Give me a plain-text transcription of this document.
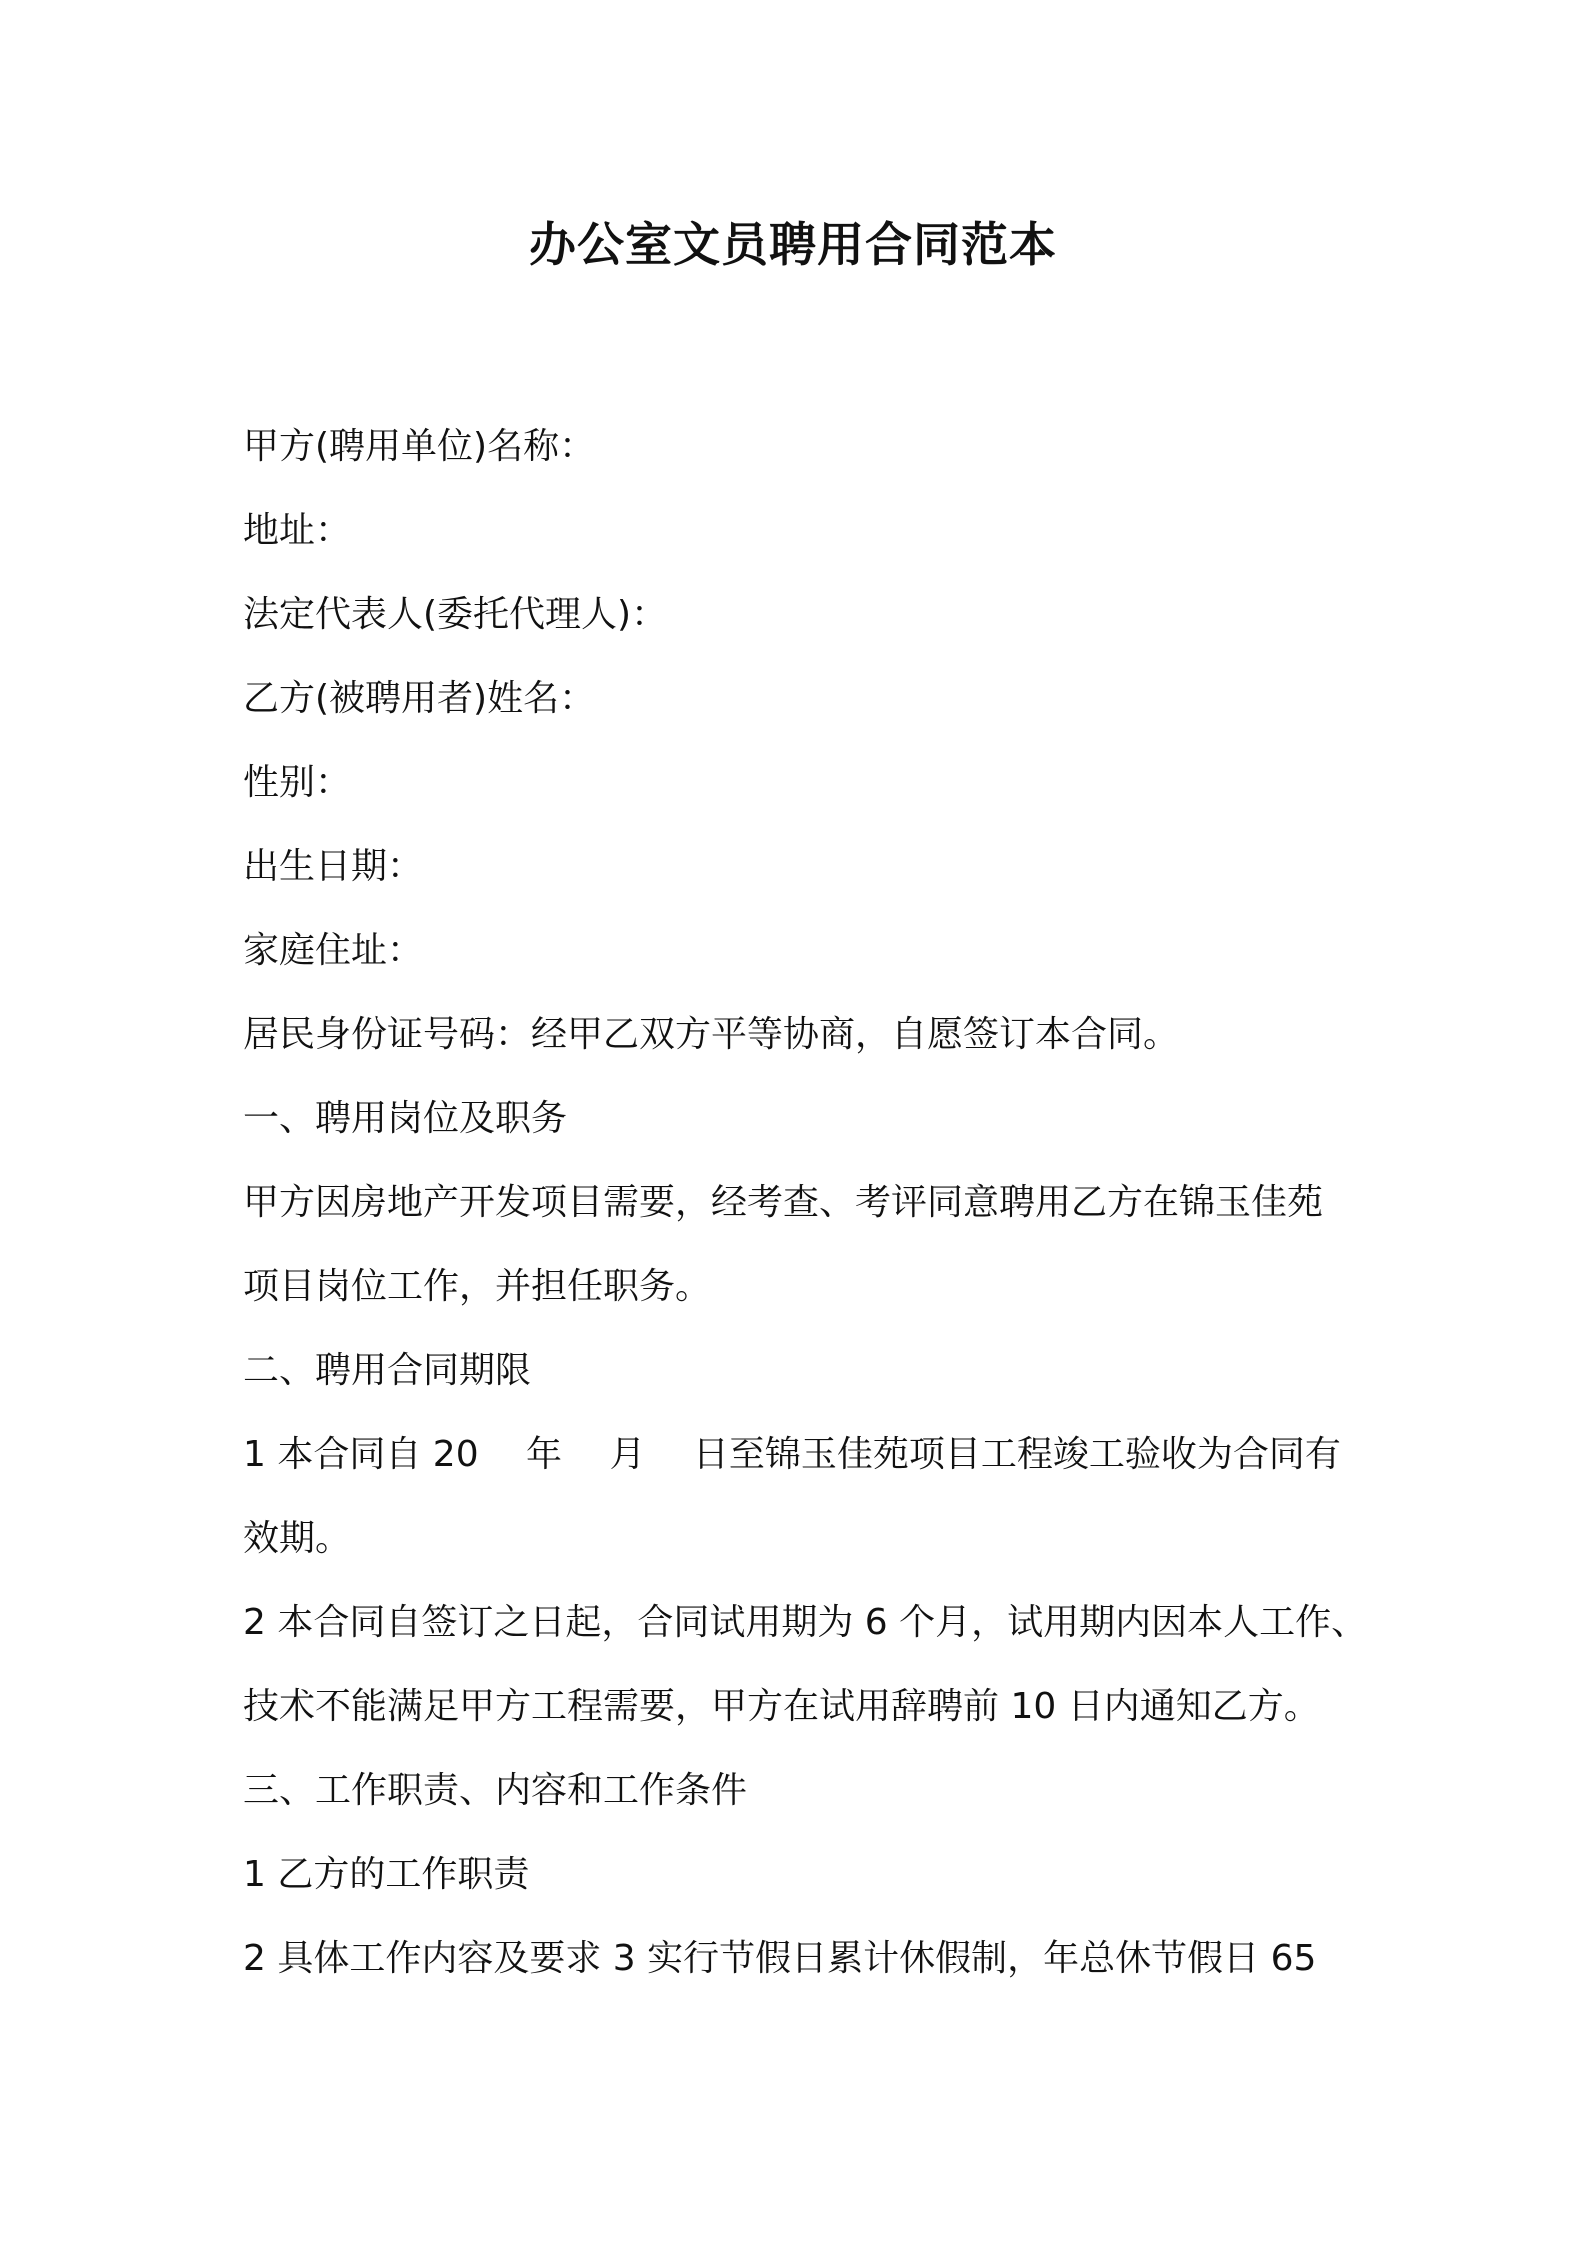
办公室文员聘用合同范本
甲方(聘用单位)名称：
地址：
法定代表人(委托代理人)：
乙方(被聘用者)姓名：
性别：
出生日期：
家庭住址：
居民身份证号码：经甲乙双方平等协商，自愿签订本合同。
一、聘用岗位及职务
甲方因房地产开发项目需要，经考查、考评同意聘用乙方在锦玉佳苑
项目岗位工作，并担任职务。
二、聘用合同期限
1 本合同自 20　 年　 月　 日至锦玉佳苑项目工程竣工验收为合同有
效期。
2 本合同自签订之日起，合同试用期为 6 个月，试用期内因本人工作、
技术不能满足甲方工程需要，甲方在试用辞聘前 10 日内通知乙方。
三、工作职责、内容和工作条件
1 乙方的工作职责
2 具体工作内容及要求 3 实行节假日累计休假制，年总休节假日 65
